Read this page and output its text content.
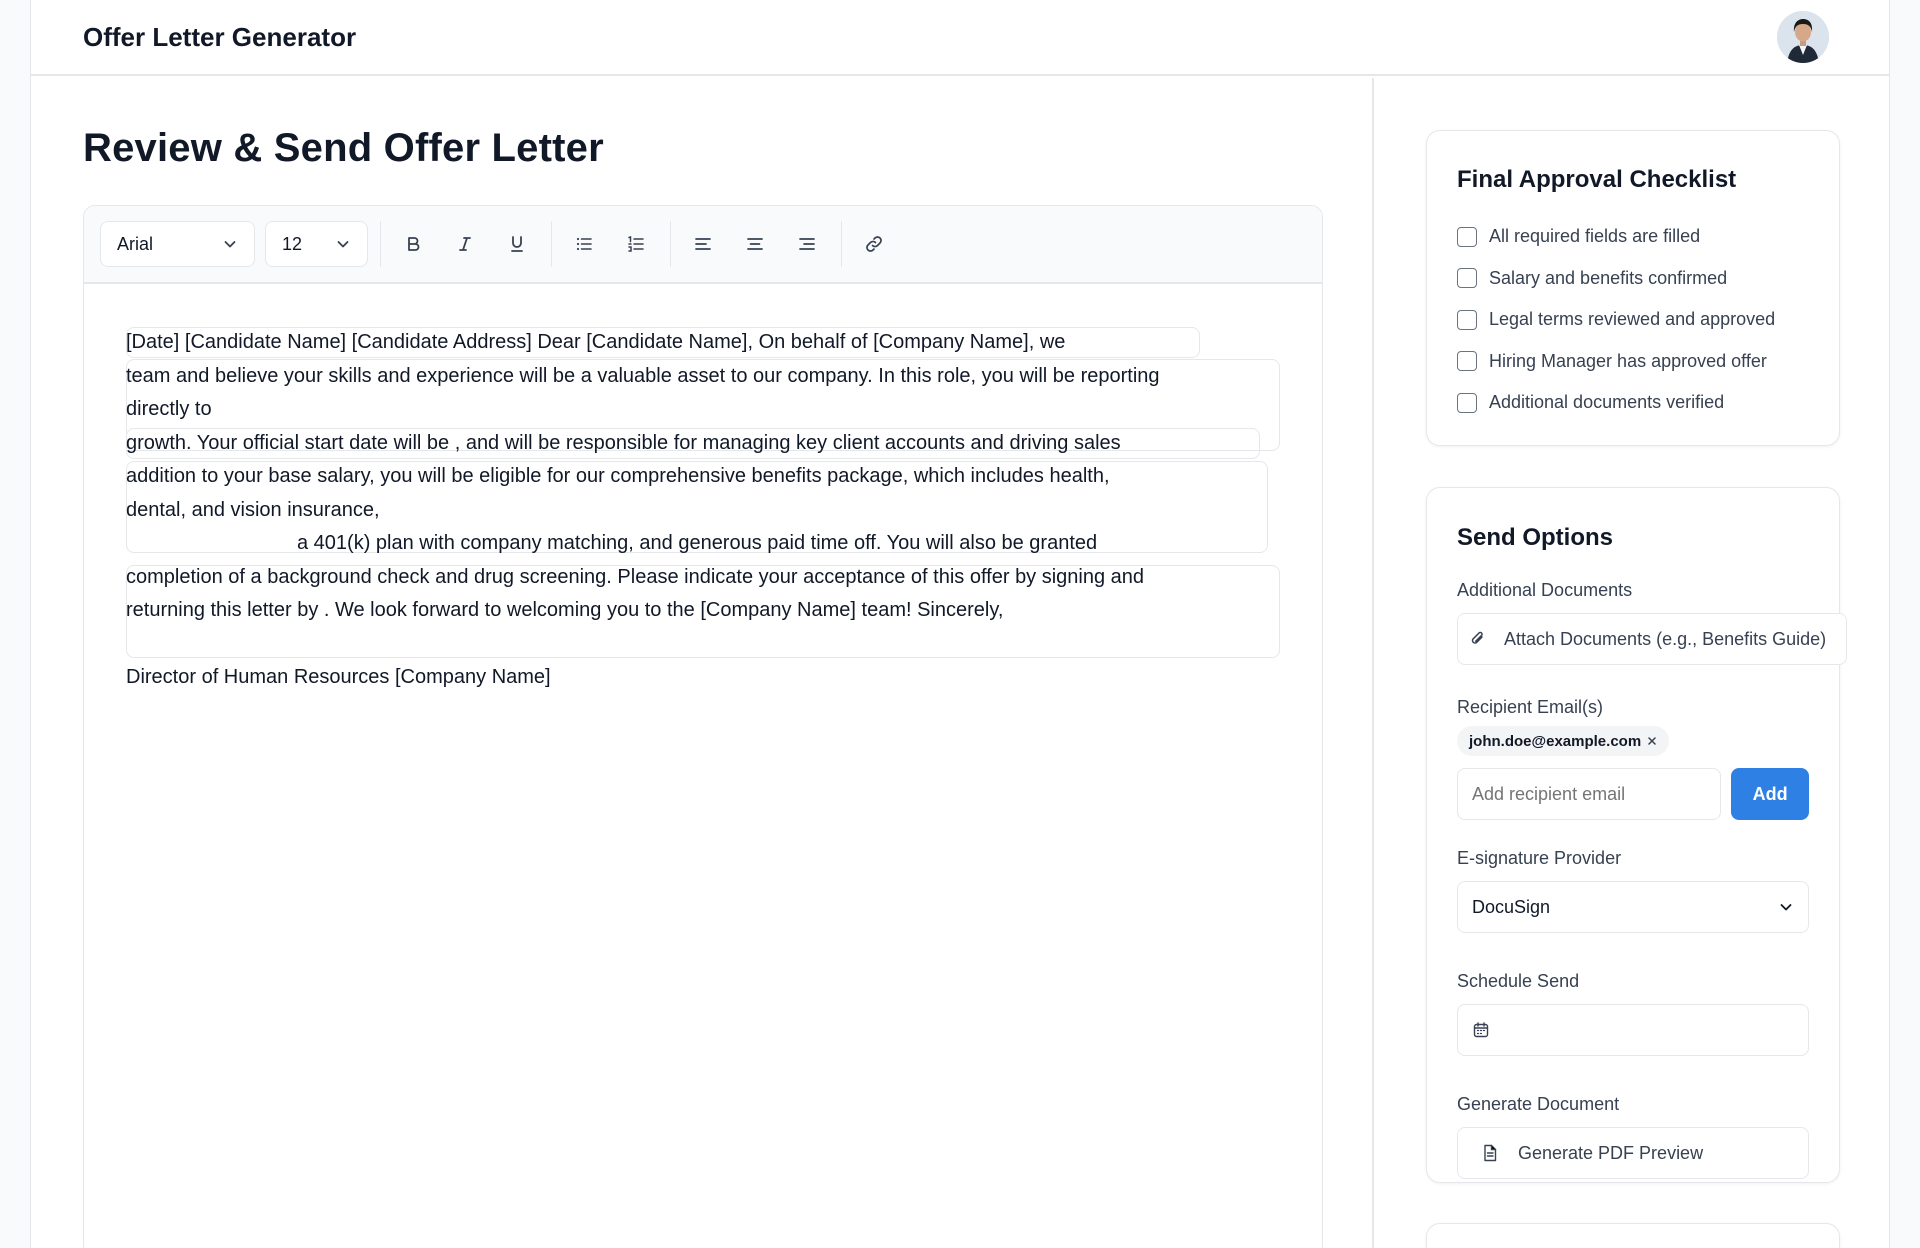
Offer Letter Generator
Review & Send Offer Letter
Arial	12
[Date] [Candidate Name] [Candidate Address] Dear [Candidate Name], On behalf of [Company Name], we
team and believe your skills and experience will be a valuable asset to our company. In this role, you will be reporting
directly to
growth. Your official start date will be , and will be responsible for managing key client accounts and driving sales
addition to your base salary, you will be eligible for our comprehensive benefits package, which includes health,
dental, and vision insurance,
a 401(k) plan with company matching, and generous paid time off. You will also be granted
completion of a background check and drug screening. Please indicate your acceptance of this offer by signing and
returning this letter by . We look forward to welcoming you to the [Company Name] team! Sincerely,
Director of Human Resources [Company Name]
Final Approval Checklist
All required fields are filled
Salary and benefits confirmed
Legal terms reviewed and approved
Hiring Manager has approved offer
Additional documents verified
Send Options
Additional Documents
Attach Documents (e.g., Benefits Guide)
Recipient Email(s)
john.doe@example.com
Add recipient email
Add
E-signature Provider
DocuSign
Schedule Send
Generate Document
Generate PDF Preview
